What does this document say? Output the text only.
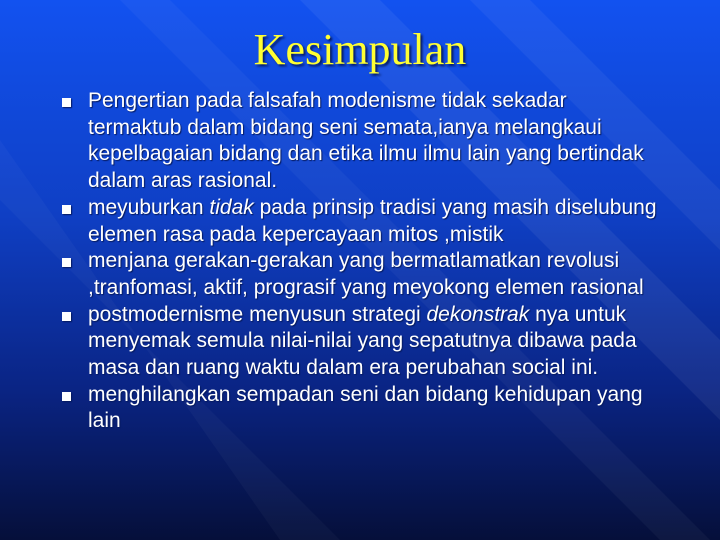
Kesimpulan
Pengertian pada falsafah modenisme tidak sekadar termaktub dalam bidang seni semata,ianya melangkaui kepelbagaian bidang dan etika ilmu ilmu lain yang bertindak dalam aras rasional.
meyuburkan tidak pada prinsip tradisi yang masih diselubung elemen rasa pada kepercayaan mitos ,mistik
menjana gerakan-gerakan yang bermatlamatkan revolusi ,tranfomasi, aktif, prograsif yang meyokong elemen rasional
postmodernisme menyusun strategi dekonstrak nya untuk menyemak semula nilai-nilai yang sepatutnya dibawa pada masa dan ruang waktu dalam era perubahan social ini.
menghilangkan sempadan seni dan bidang kehidupan yang lain
